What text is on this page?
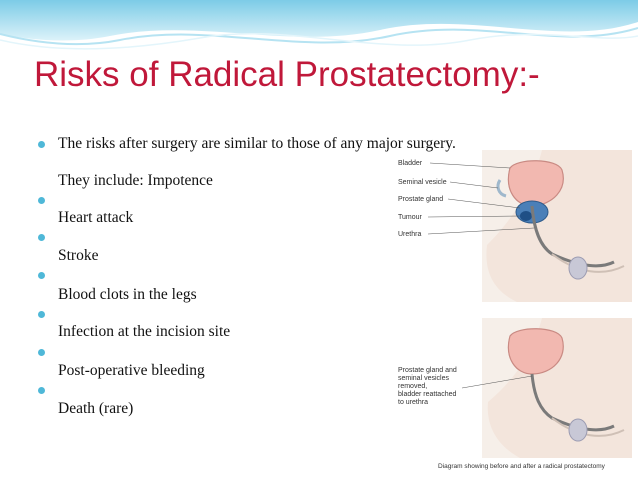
Risks of Radical Prostatectomy:-
The risks after surgery are similar to those of any major surgery.
They include: Impotence
Heart attack
Stroke
Blood clots in the legs
Infection at the incision site
Post-operative bleeding
Death (rare)
Bladder
Seminal vesicle
Prostate gland
Tumour
Urethra
Prostate gland and
seminal vesicles
removed,
bladder reattached
to urethra
Diagram showing before and after a radical prostatectomy
